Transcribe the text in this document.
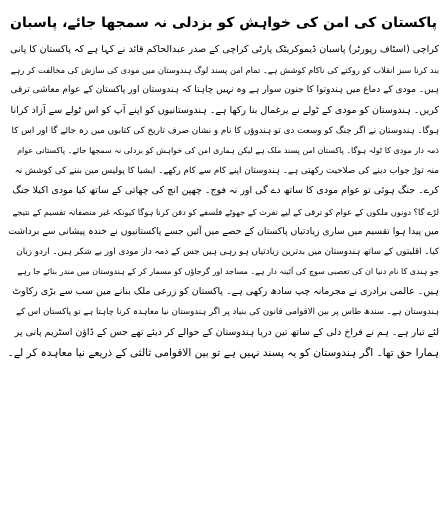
پاکستان کی امن کی خواہش کو بزدلی نہ سمجھا جائے، پاسبان

کراچی (اسٹاف رپورٹر) پاسبان ڈیموکریٹک پارٹی کراچی کے صدر عبدالحاکم قائد نے کہا ہے کہ پاکستان کا پانی

بند کرنا سبز انقلاب کو روکنے کی ناکام کوشش ہے۔ تمام امن پسند لوگ ہندوستان میں مودی کی سازش کی مخالفت کر رہے

ہیں۔ مودی کے دماغ میں ہندوتوا کا جنون سوار ہے وہ نہیں چاہتا کہ ہندوستان اور پاکستان کے عوام معاشی ترقی

کریں۔ ہندوستان کو مودی کے ٹولے نے یرغمال بنا رکھا ہے۔ ہندوستانیوں کو اپنے آپ کو اس ٹولے سے آزاد کرانا

ہوگا۔ ہندوستان نے اگر جنگ کو وسعت دی تو ہندوؤں کا نام و نشان صرف تاریخ کی کتابوں میں رہ جائے گا اور اس کا

ذمہ دار مودی کا ٹولہ ہوگا۔ پاکستان امن پسند ملک ہے لیکن ہماری امن کی خواہش کو بزدلی نہ سمجھا جائے۔ پاکستانی عوام

منہ توڑ جواب دینے کی صلاحیت رکھتی ہے۔ ہندوستان اپنے کام سے کام رکھے۔ ایشیا کا پولیس مین بننے کی کوشش نہ

کرے۔ جنگ ہوئی تو عوام مودی کا ساتھ دے گی اور نہ فوج۔ چھپن انچ کی چھاتی کے ساتھ کیا مودی اکیلا جنگ

لڑے گا؟ دونوں ملکوں کے عوام کو ترقی کے لیے نفرت کے جھوٹے فلسفے کو دفن کرنا ہوگا کیونکہ غیر منصفانہ تقسیم کے نتیجے

میں پیدا ہوا تقسیم میں ساری زیادتیاں پاکستان کے حصے میں آئیں جسے پاکستانیوں نے خندہ پیشانی سے برداشت

کیا۔ اقلیتوں کے ساتھ ہندوستان میں بدترین زیادتیاں ہو رہی ہیں جس کے ذمہ دار مودی اور بے شکر ہیں۔ اردو زبان

جو ہندی کا نام دنیا ان کی تعصبی سوچ کی آئینہ دار ہے۔ مساجد اور گرجاؤں کو مسمار کر کے ہندوستان میں مندر بنائے جا رہے

ہیں۔ عالمی برادری نے مجرمانہ چپ سادھ رکھی ہے۔ پاکستان کو زرعی ملک بنانے میں سب سے بڑی رکاوٹ

ہندوستان ہے۔ سندھ طاس پر بین الاقوامی قانون کی بنیاد پر اگر ہندوستان نیا معاہدہ کرنا چاہتا ہے تو پاکستان اس کے

لئے تیار ہے۔ ہم نے فراخ دلی کے ساتھ تین دریا ہندوستان کے حوالے کر دیئے تھے جس کے ڈاؤن اسٹریم پانی پر

ہمارا حق تھا۔ اگر ہندوستان کو یہ پسند نہیں ہے تو بین الاقوامی ثالثی کے ذریعے نیا معاہدہ کر لے۔
